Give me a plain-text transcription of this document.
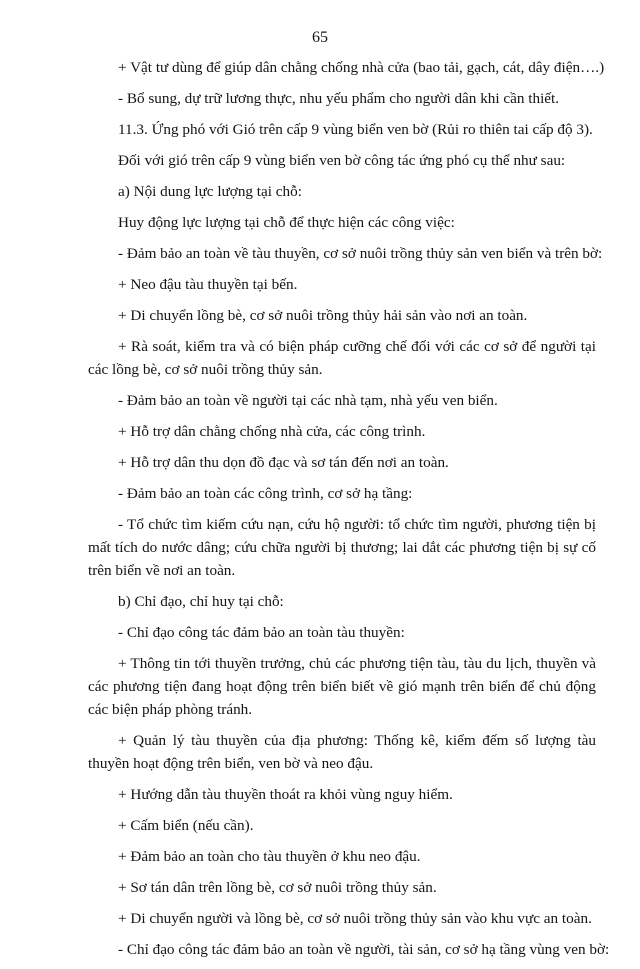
65

+ Vật tư dùng để giúp dân chằng chống nhà cửa (bao tải, gạch, cát, dây điện….)

- Bổ sung, dự trữ lương thực, nhu yếu phẩm cho người dân khi cần thiết.

11.3. Ứng phó với Gió trên cấp 9 vùng biển ven bờ (Rủi ro thiên tai cấp độ 3).

Đối với gió trên cấp 9 vùng biển ven bờ công tác ứng phó cụ thể như sau:

a) Nội dung lực lượng tại chỗ:

Huy động lực lượng tại chỗ để thực hiện các công việc:

- Đảm bảo an toàn về tàu thuyền, cơ sở nuôi trồng thủy sản ven biển và trên bờ:

+ Neo đậu tàu thuyền tại bến.

+ Di chuyển lồng bè, cơ sở nuôi trồng thủy hải sản vào nơi an toàn.

+ Rà soát, kiểm tra và có biện pháp cưỡng chế đối với các cơ sở để người tại các lồng bè, cơ sở nuôi trồng thủy sản.

- Đảm bảo an toàn về người tại các nhà tạm, nhà yếu ven biển.

+ Hỗ trợ dân chằng chống nhà cửa, các công trình.

+ Hỗ trợ dân thu dọn đồ đạc và sơ tán đến nơi an toàn.

- Đảm bảo an toàn các công trình, cơ sở hạ tầng:

- Tổ chức tìm kiếm cứu nạn, cứu hộ người: tổ chức tìm người, phương tiện bị mất tích do nước dâng; cứu chữa người bị thương; lai dắt các phương tiện bị sự cố trên biển về nơi an toàn.

b) Chỉ đạo, chỉ huy tại chỗ:

- Chỉ đạo công tác đảm bảo an toàn tàu thuyền:

+ Thông tin tới thuyền trưởng, chủ các phương tiện tàu, tàu du lịch, thuyền và các phương tiện đang hoạt động trên biển biết về gió mạnh trên biển để chủ động các biện pháp phòng tránh.

+ Quản lý tàu thuyền của địa phương: Thống kê, kiểm đếm số lượng tàu thuyền hoạt động trên biển, ven bờ và neo đậu.

+ Hướng dẫn tàu thuyền thoát ra khỏi vùng nguy hiểm.

+ Cấm biển (nếu cần).

+ Đảm bảo an toàn cho tàu thuyền ở khu neo đậu.

+ Sơ tán dân trên lồng bè, cơ sở nuôi trồng thủy sản.

+ Di chuyển người và lồng bè, cơ sở nuôi trồng thủy sản vào khu vực an toàn.

- Chỉ đạo công tác đảm bảo an toàn về người, tài sản, cơ sở hạ tầng vùng ven bờ:
